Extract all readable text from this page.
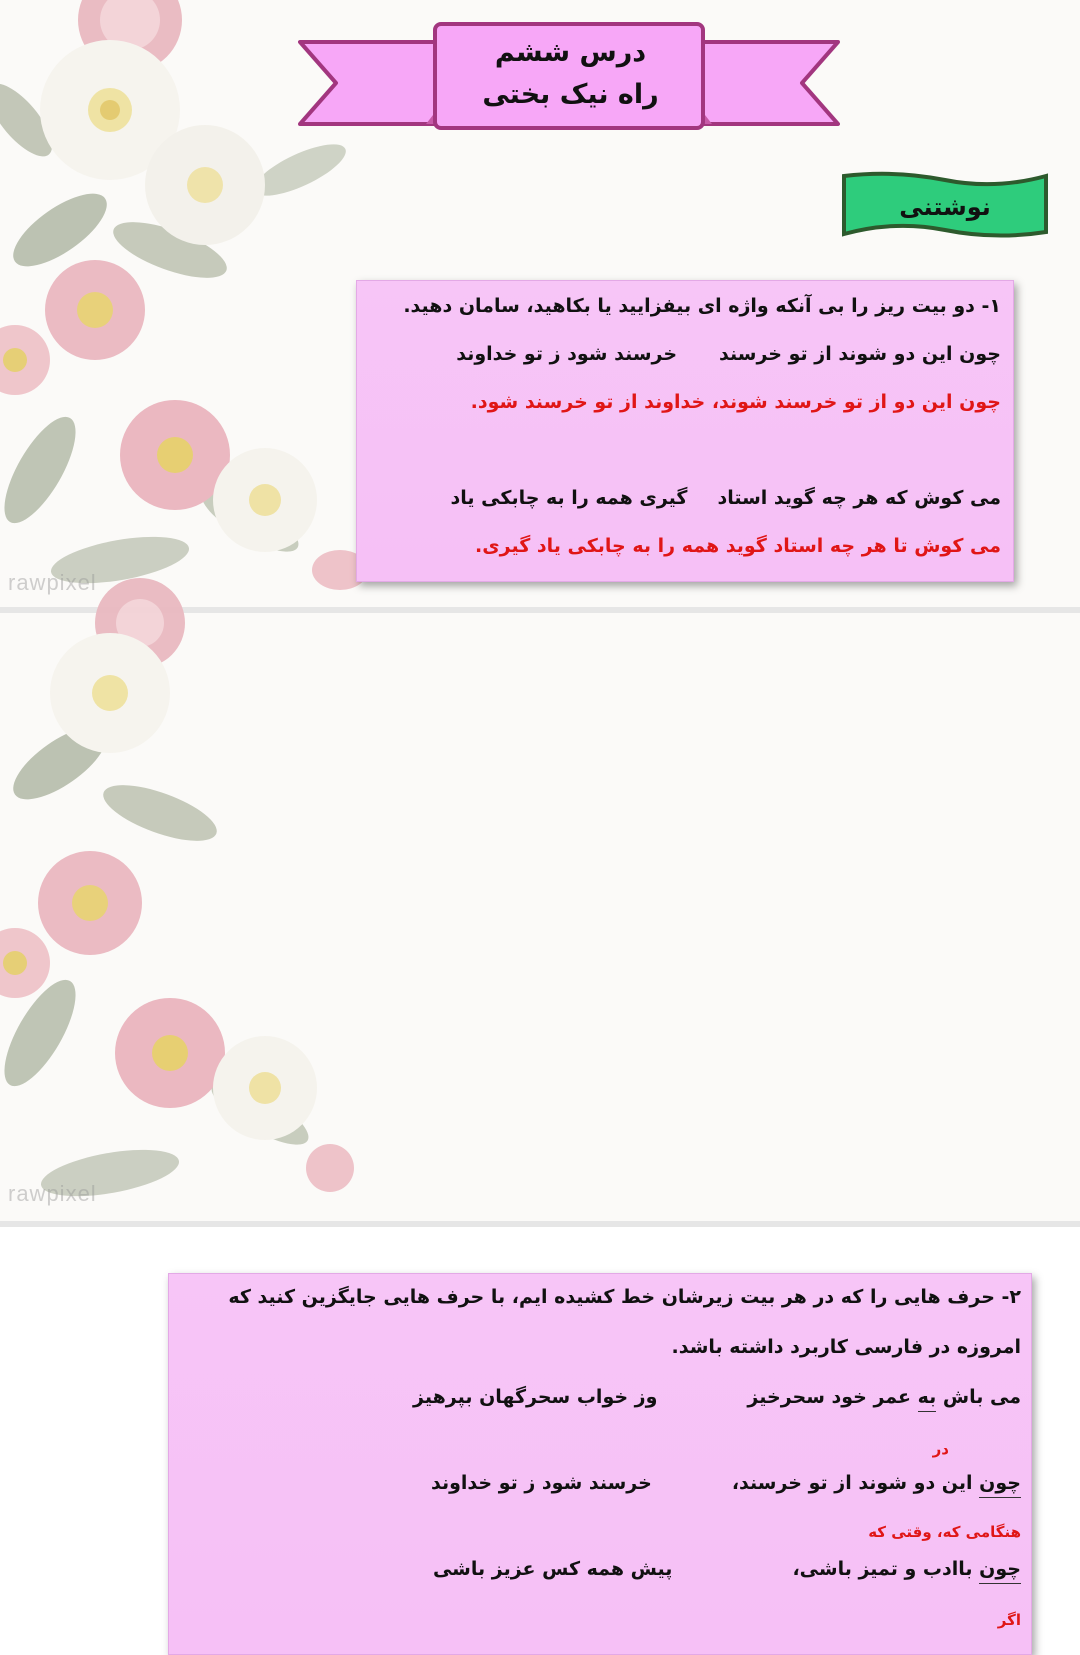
rawpixel
درس ششم
راه نیک بختی
نوشتنی
۱- دو بیت ریز را بی آنکه واژه ای بیفزایید یا بکاهید، سامان دهید.
چون این دو شوند از تو خرسندخرسند شود ز تو خداوند
چون این دو از تو خرسند شوند، خداوند از تو خرسند شود.
می کوش که هر چه گوید استادگیری همه را به چابکی یاد
می کوش تا هر چه استاد گوید همه را به چابکی یاد گیری.
rawpixel
۲- حرف هایی را که در هر بیت زیرشان خط کشیده ایم، با حرف هایی جایگزین کنید که
امروزه در فارسی کاربرد داشته باشد.
می باش به عمر خود سحرخیزوز خواب سحرگهان بپرهیز
در
چون این دو شوند از تو خرسند،خرسند شود ز تو خداوند
هنگامی که، وقتی که
چون باادب و تمیز باشی،پیش همه کس عزیز باشی
اگر
